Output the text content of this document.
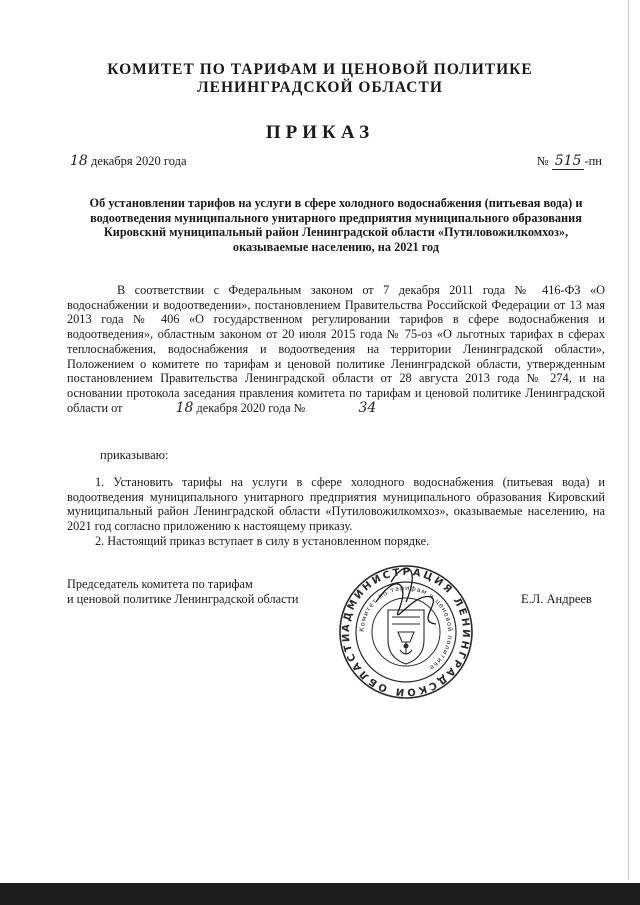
КОМИТЕТ ПО ТАРИФАМ И ЦЕНОВОЙ ПОЛИТИКЕ
ЛЕНИНГРАДСКОЙ ОБЛАСТИ
ПРИКАЗ
18 декабря 2020 года	№ 515 -пн
Об установлении тарифов на услуги в сфере холодного водоснабжения (питьевая вода) и водоотведения муниципального унитарного предприятия муниципального образования Кировский муниципальный район Ленинградской области «Путиловожилкомхоз», оказываемые населению, на 2021 год
В соответствии с Федеральным законом от 7 декабря 2011 года № 416-ФЗ «О водоснабжении и водоотведении», постановлением Правительства Российской Федерации от 13 мая 2013 года № 406 «О государственном регулировании тарифов в сфере водоснабжения и водоотведения», областным законом от 20 июля 2015 года № 75-оз «О льготных тарифах в сферах теплоснабжения, водоснабжения и водоотведения на территории Ленинградской области», Положением о комитете по тарифам и ценовой политике Ленинградской области, утвержденным постановлением Правительства Ленинградской области от 28 августа 2013 года № 274, и на основании протокола заседания правления комитета по тарифам и ценовой политике Ленинградской области от	18 декабря 2020 года №	34
приказываю:
1. Установить тарифы на услуги в сфере холодного водоснабжения (питьевая вода) и водоотведения муниципального унитарного предприятия муниципального образования Кировский муниципальный район Ленинградской области «Путиловожилкомхоз», оказываемые населению, на 2021 год согласно приложению к настоящему приказу.
2. Настоящий приказ вступает в силу в установленном порядке.
Председатель комитета по тарифам
и ценовой политике Ленинградской области
АДМИНИСТРАЦИЯ ЛЕНИНГРАДСКОЙ ОБЛАСТИ
Комитет по тарифам и ценовой политике
Е.Л. Андреев
